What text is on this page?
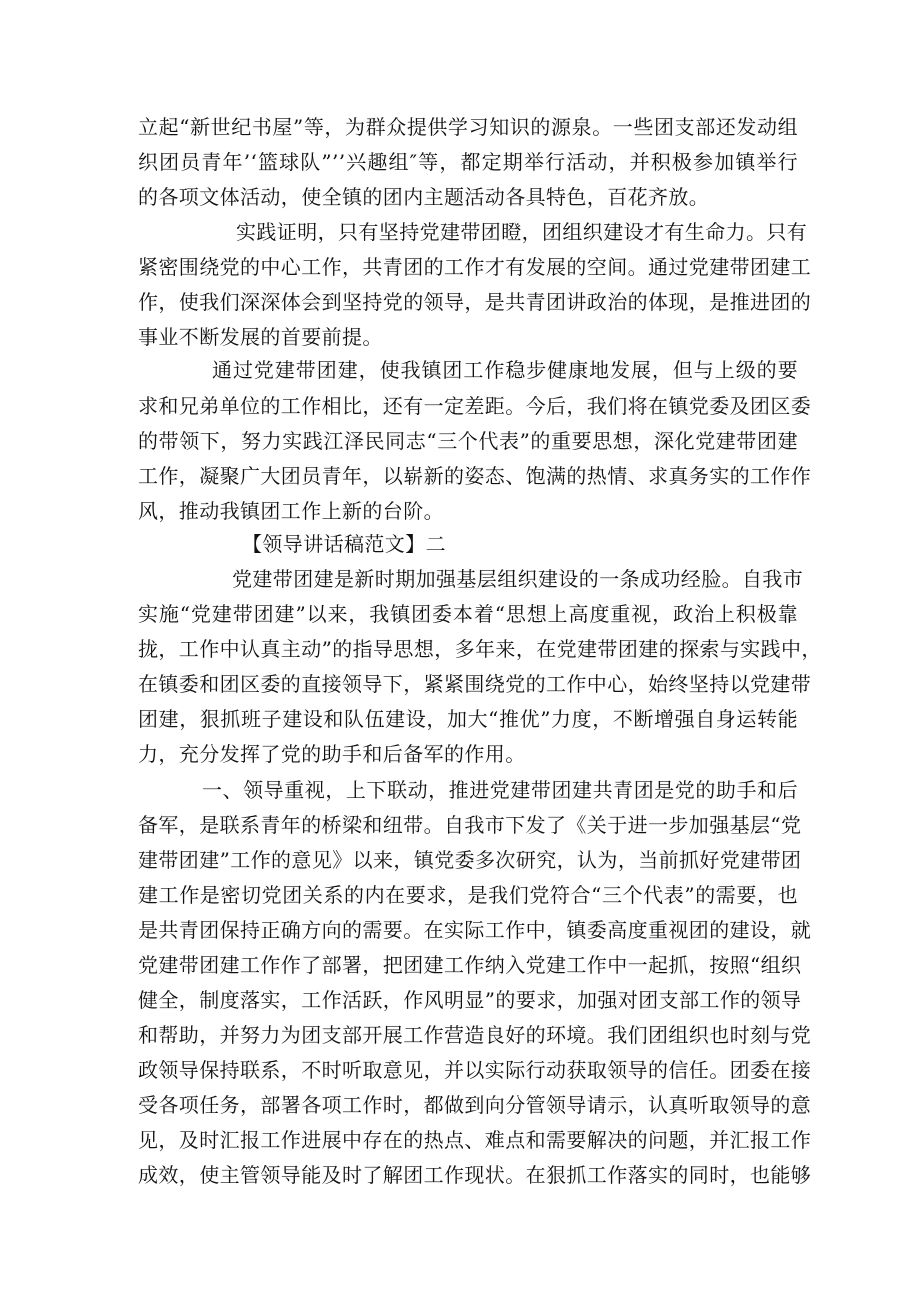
立起“新世纪书屋”等，为群众提供学习知识的源泉。一些团支部还发动组
织团员青年’‘篮球队”’’兴趣组″等，都定期举行活动，并积极参加镇举行
的各项文体活动，使全镇的团内主题活动各具特色，百花齐放。
实践证明，只有坚持党建带团瞪，团组织建设才有生命力。只有
紧密围绕党的中心工作，共青团的工作才有发展的空间。通过党建带团建工
作，使我们深深体会到坚持党的领导，是共青团讲政治的体现，是推进团的
事业不断发展的首要前提。
通过党建带团建，使我镇团工作稳步健康地发展，但与上级的要
求和兄弟单位的工作相比，还有一定差距。今后，我们将在镇党委及团区委
的带领下，努力实践江泽民同志“三个代表”的重要思想，深化党建带团建
工作，凝聚广大团员青年，以崭新的姿态、饱满的热情、求真务实的工作作
风，推动我镇团工作上新的台阶。
【领导讲话稿范文】二
党建带团建是新时期加强基层组织建设的一条成功经脸。自我市
实施“党建带团建”以来，我镇团委本着“思想上高度重视，政治上积极靠
拢，工作中认真主动”的指导思想，多年来，在党建带团建的探索与实践中，
在镇委和团区委的直接领导下，紧紧围绕党的工作中心，始终坚持以党建带
团建，狠抓班子建设和队伍建设，加大“推优”力度，不断增强自身运转能
力，充分发挥了党的助手和后备军的作用。
一、领导重视，上下联动，推进党建带团建共青团是党的助手和后
备军，是联系青年的桥梁和纽带。自我市下发了《关于进一步加强基层“党
建带团建”工作的意见》以来，镇党委多次研究，认为，当前抓好党建带团
建工作是密切党团关系的内在要求，是我们党符合“三个代表”的需要，也
是共青团保持正确方向的需要。在实际工作中，镇委高度重视团的建设，就
党建带团建工作作了部署，把团建工作纳入党建工作中一起抓，按照“组织
健全，制度落实，工作活跃，作风明显”的要求，加强对团支部工作的领导
和帮助，并努力为团支部开展工作营造良好的环境。我们团组织也时刻与党
政领导保持联系，不时听取意见，并以实际行动获取领导的信任。团委在接
受各项任务，部署各项工作时，都做到向分管领导请示，认真听取领导的意
见，及时汇报工作进展中存在的热点、难点和需要解决的问题，并汇报工作
成效，使主管领导能及时了解团工作现状。在狠抓工作落实的同时，也能够
